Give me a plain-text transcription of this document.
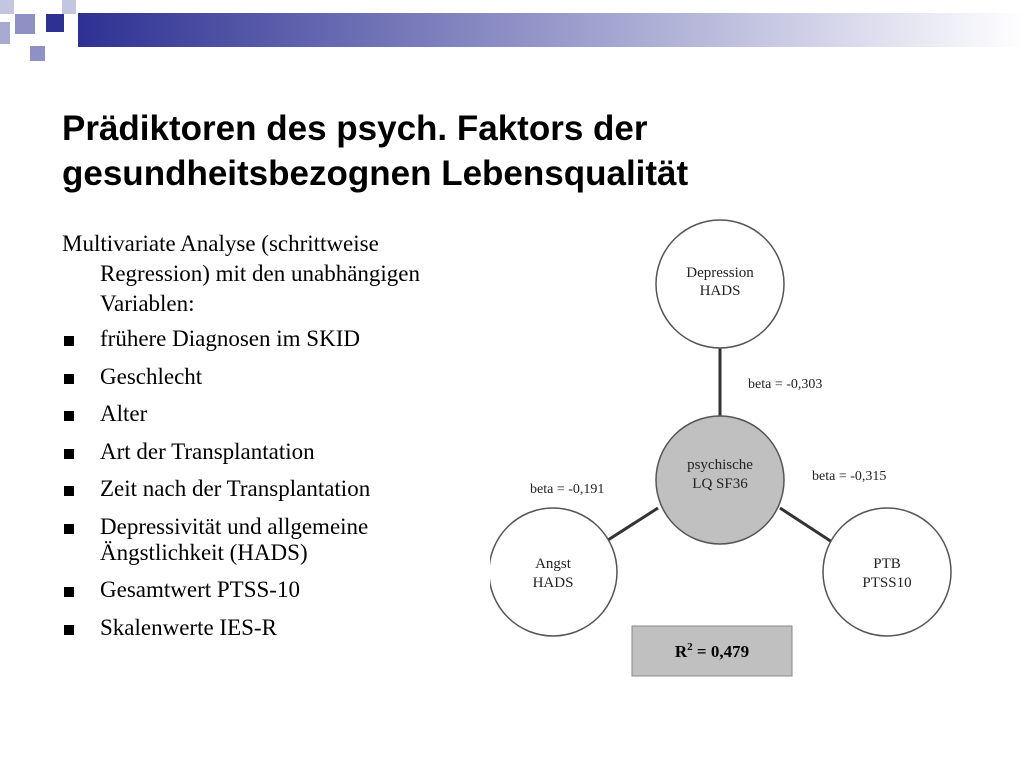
Prädiktoren des psych. Faktors der
gesundheitsbezognen Lebensqualität

Multivariate Analyse (schrittweise Regression) mit den unabhängigen Variablen:

frühere Diagnosen im SKID
Geschlecht
Alter
Art der Transplantation
Zeit nach der Transplantation
Depressivität und allgemeine Ängstlichkeit (HADS)
Gesamtwert PTSS-10
Skalenwerte IES-R
Depression
HADS
psychische
LQ SF36
Angst
HADS
PTB
PTSS10
beta = -0,303
beta = -0,191
beta = -0,315
$R^2 = 0,479$
